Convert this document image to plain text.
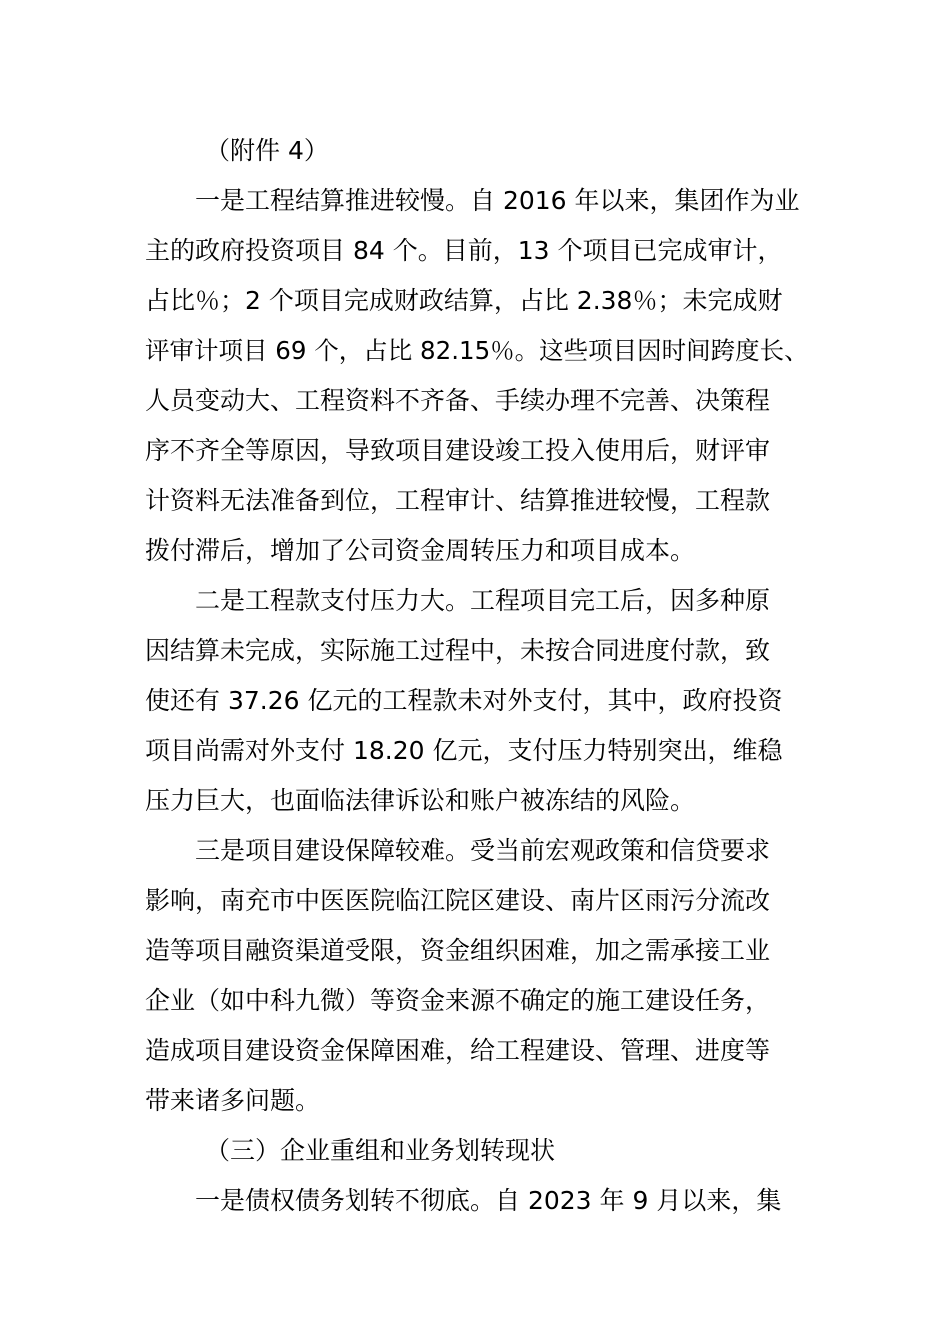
（附件 4）
一是工程结算推进较慢。自 2016 年以来，集团作为业
主的政府投资项目 84 个。目前，13 个项目已完成审计，
占比％；2 个项目完成财政结算，占比 2.38％；未完成财
评审计项目 69 个，占比 82.15％。这些项目因时间跨度长、
人员变动大、工程资料不齐备、手续办理不完善、决策程
序不齐全等原因，导致项目建设竣工投入使用后，财评审
计资料无法准备到位，工程审计、结算推进较慢，工程款
拨付滞后，增加了公司资金周转压力和项目成本。
二是工程款支付压力大。工程项目完工后，因多种原
因结算未完成，实际施工过程中，未按合同进度付款，致
使还有 37.26 亿元的工程款未对外支付，其中，政府投资
项目尚需对外支付 18.20 亿元，支付压力特别突出，维稳
压力巨大，也面临法律诉讼和账户被冻结的风险。
三是项目建设保障较难。受当前宏观政策和信贷要求
影响，南充市中医医院临江院区建设、南片区雨污分流改
造等项目融资渠道受限，资金组织困难，加之需承接工业
企业（如中科九微）等资金来源不确定的施工建设任务，
造成项目建设资金保障困难，给工程建设、管理、进度等
带来诸多问题。
（三）企业重组和业务划转现状
一是债权债务划转不彻底。自 2023 年 9 月以来，集
